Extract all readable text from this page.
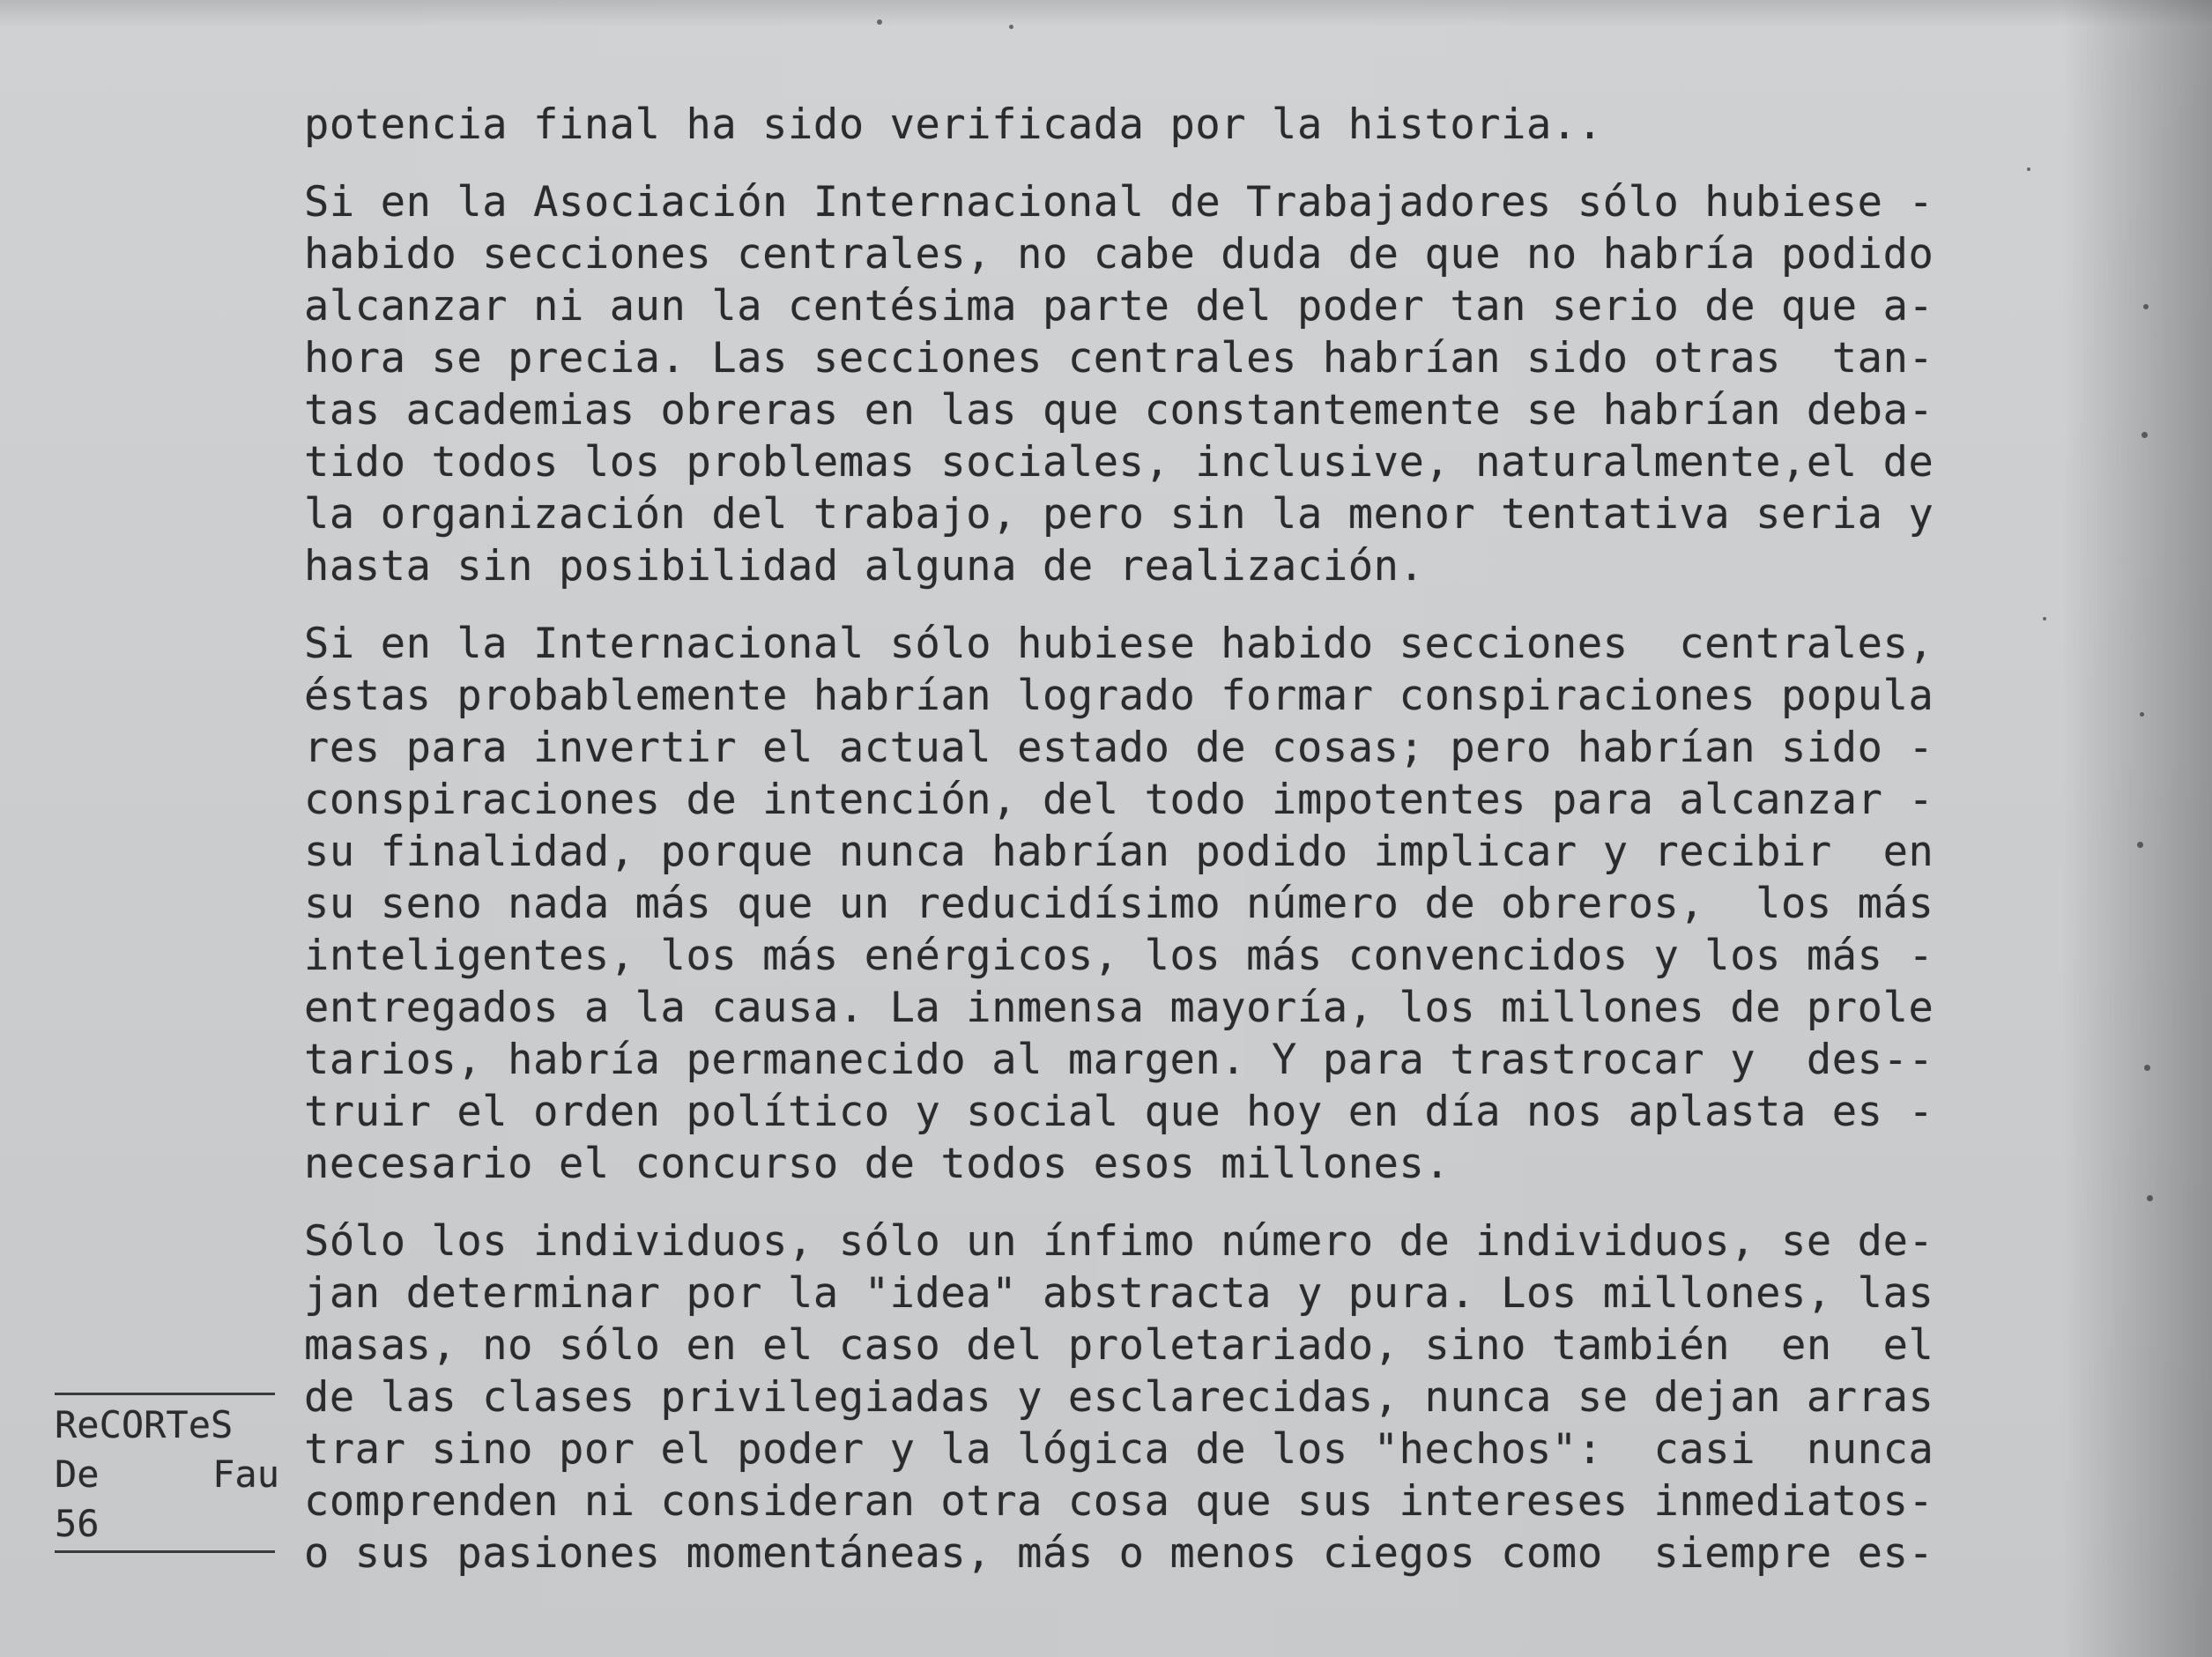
potencia final ha sido verificada por la historia..
Si en la Asociación Internacional de Trabajadores sólo hubiese -
habido secciones centrales, no cabe duda de que no habría podido
alcanzar ni aun la centésima parte del poder tan serio de que a-
hora se precia. Las secciones centrales habrían sido otras  tan-
tas academias obreras en las que constantemente se habrían deba-
tido todos los problemas sociales, inclusive, naturalmente,el de
la organización del trabajo, pero sin la menor tentativa seria y
hasta sin posibilidad alguna de realización.
Si en la Internacional sólo hubiese habido secciones  centrales,
éstas probablemente habrían logrado formar conspiraciones popula
res para invertir el actual estado de cosas; pero habrían sido -
conspiraciones de intención, del todo impotentes para alcanzar -
su finalidad, porque nunca habrían podido implicar y recibir  en
su seno nada más que un reducidísimo número de obreros,  los más
inteligentes, los más enérgicos, los más convencidos y los más -
entregados a la causa. La inmensa mayoría, los millones de prole
tarios, habría permanecido al margen. Y para trastrocar y  des--
truir el orden político y social que hoy en día nos aplasta es -
necesario el concurso de todos esos millones.
Sólo los individuos, sólo un ínfimo número de individuos, se de-
jan determinar por la "idea" abstracta y pura. Los millones, las
masas, no sólo en el caso del proletariado, sino también  en  el
de las clases privilegiadas y esclarecidas, nunca se dejan arras
trar sino por el poder y la lógica de los "hechos":  casi  nunca
comprenden ni consideran otra cosa que sus intereses inmediatos-
o sus pasiones momentáneas, más o menos ciegos como  siempre es-
ReCORTeS
De	Fau
56
